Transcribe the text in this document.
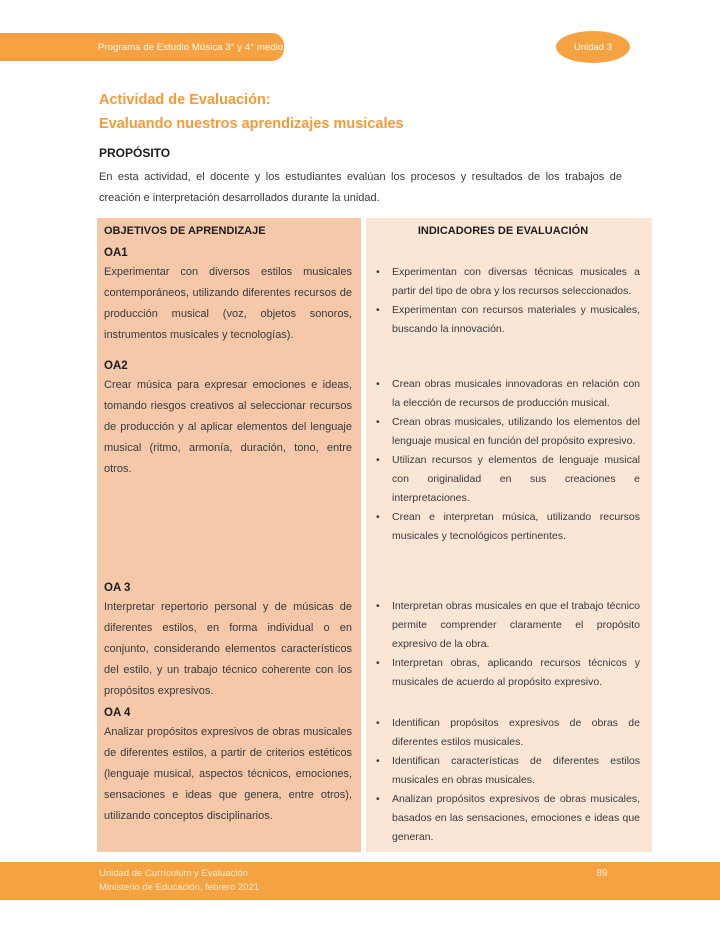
Programa de Estudio Música 3° y 4° medio	Unidad 3
Actividad de Evaluación:
Evaluando nuestros aprendizajes musicales
PROPÓSITO
En esta actividad, el docente y los estudiantes evalúan los procesos y resultados de los trabajos de creación e interpretación desarrollados durante la unidad.
OBJETIVOS DE APRENDIZAJE	INDICADORES DE EVALUACIÓN
OA1

Experimentar con diversos estilos musicales contemporáneos, utilizando diferentes recursos de producción musical (voz, objetos sonoros, instrumentos musicales y tecnologías).

• Experimentan con diversas técnicas musicales a partir del tipo de obra y los recursos seleccionados.
• Experimentan con recursos materiales y musicales, buscando la innovación.
OA2

Crear música para expresar emociones e ideas, tomando riesgos creativos al seleccionar recursos de producción y al aplicar elementos del lenguaje musical (ritmo, armonía, duración, tono, entre otros.

• Crean obras musicales innovadoras en relación con la elección de recursos de producción musical.
• Crean obras musicales, utilizando los elementos del lenguaje musical en función del propósito expresivo.
• Utilizan recursos y elementos de lenguaje musical con originalidad en sus creaciones e interpretaciones.
• Crean e interpretan música, utilizando recursos musicales y tecnológicos pertinentes.
OA 3

Interpretar repertorio personal y de músicas de diferentes estilos, en forma individual o en conjunto, considerando elementos característicos del estilo, y un trabajo técnico coherente con los propósitos expresivos.

• Interpretan obras musicales en que el trabajo técnico permite comprender claramente el propósito expresivo de la obra.
• Interpretan obras, aplicando recursos técnicos y musicales de acuerdo al propósito expresivo.
OA 4

Analizar propósitos expresivos de obras musicales de diferentes estilos, a partir de criterios estéticos (lenguaje musical, aspectos técnicos, emociones, sensaciones e ideas que genera, entre otros), utilizando conceptos disciplinarios.

• Identifican propósitos expresivos de obras de diferentes estilos musicales.
• Identifican características de diferentes estilos musicales en obras musicales.
• Analizan propósitos expresivos de obras musicales, basados en las sensaciones, emociones e ideas que generan.
Unidad de Currículum y Evaluación
Ministerio de Educación, febrero 2021
89
